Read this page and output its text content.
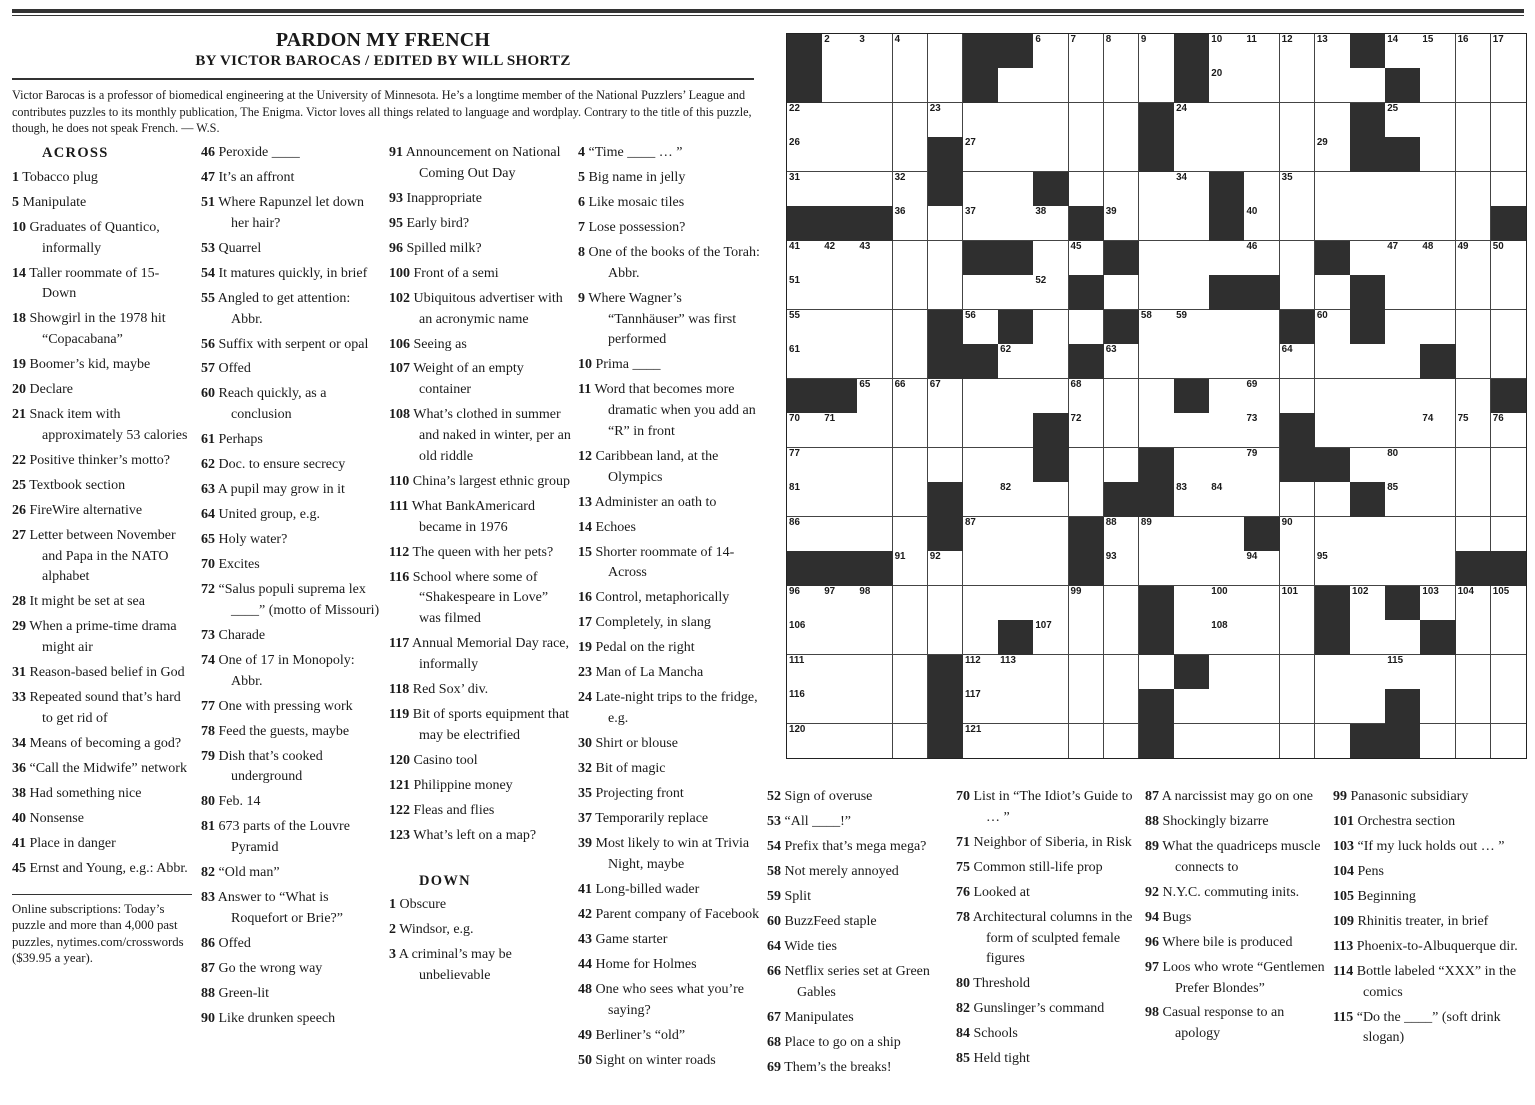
PARDON MY FRENCH
BY VICTOR BAROCAS / EDITED BY WILL SHORTZ
Victor Barocas is a professor of biomedical engineering at the University of Minnesota. He’s a longtime member of the National Puzzlers’ League and contributes puzzles to its monthly publication, The Enigma. Victor loves all things related to language and wordplay. Contrary to the title of this puzzle, though, he does not speak French. — W.S.
ACROSS
1 Tobacco plug
5 Manipulate
10 Graduates of Quantico, informally
14 Taller roommate of 15-Down
18 Showgirl in the 1978 hit “Copacabana”
19 Boomer’s kid, maybe
20 Declare
21 Snack item with approximately 53 calories
22 Positive thinker’s motto?
25 Textbook section
26 FireWire alternative
27 Letter between November and Papa in the NATO alphabet
28 It might be set at sea
29 When a prime-time drama might air
31 Reason-based belief in God
33 Repeated sound that’s hard to get rid of
34 Means of becoming a god?
36 “Call the Midwife” network
38 Had something nice
40 Nonsense
41 Place in danger
45 Ernst and Young, e.g.: Abbr.
Online subscriptions: Today’s puzzle and more than 4,000 past puzzles, nytimes.com/crosswords ($39.95 a year).
46 Peroxide ____
47 It’s an affront
51 Where Rapunzel let down her hair?
53 Quarrel
54 It matures quickly, in brief
55 Angled to get attention: Abbr.
56 Suffix with serpent or opal
57 Offed
60 Reach quickly, as a conclusion
61 Perhaps
62 Doc. to ensure secrecy
63 A pupil may grow in it
64 United group, e.g.
65 Holy water?
70 Excites
72 “Salus populi suprema lex ____” (motto of Missouri)
73 Charade
74 One of 17 in Monopoly: Abbr.
77 One with pressing work
78 Feed the guests, maybe
79 Dish that’s cooked underground
80 Feb. 14
81 673 parts of the Louvre Pyramid
82 “Old man”
83 Answer to “What is Roquefort or Brie?”
86 Offed
87 Go the wrong way
88 Green-lit
90 Like drunken speech
91 Announcement on National Coming Out Day
93 Inappropriate
95 Early bird?
96 Spilled milk?
100 Front of a semi
102 Ubiquitous advertiser with an acronymic name
106 Seeing as
107 Weight of an empty container
108 What’s clothed in summer and naked in winter, per an old riddle
110 China’s largest ethnic group
111 What BankAmericard became in 1976
112 The queen with her pets?
116 School where some of “Shakespeare in Love” was filmed
117 Annual Memorial Day race, informally
118 Red Sox’ div.
119 Bit of sports equipment that may be electrified
120 Casino tool
121 Philippine money
122 Fleas and flies
123 What’s left on a map?
DOWN
1 Obscure
2 Windsor, e.g.
3 A criminal’s may be unbelievable
4 “Time ____ … ”
5 Big name in jelly
6 Like mosaic tiles
7 Lose possession?
8 One of the books of the Torah: Abbr.
9 Where Wagner’s “Tannhäuser” was first performed
10 Prima ____
11 Word that becomes more dramatic when you add an “R” in front
12 Caribbean land, at the Olympics
13 Administer an oath to
14 Echoes
15 Shorter roommate of 14-Across
16 Control, metaphorically
17 Completely, in slang
19 Pedal on the right
23 Man of La Mancha
24 Late-night trips to the fridge, e.g.
30 Shirt or blouse
32 Bit of magic
35 Projecting front
37 Temporarily replace
39 Most likely to win at Trivia Night, maybe
41 Long-billed wader
42 Parent company of Facebook
43 Game starter
44 Home for Holmes
48 One who sees what you’re saying?
49 Berliner’s “old”
50 Sight on winter roads
52 Sign of overuse
53 “All ____!”
54 Prefix that’s mega mega?
58 Not merely annoyed
59 Split
60 BuzzFeed staple
64 Wide ties
66 Netflix series set at Green Gables
67 Manipulates
68 Place to go on a ship
69 Them’s the breaks!
70 List in “The Idiot’s Guide to … ”
71 Neighbor of Siberia, in Risk
75 Common still-life prop
76 Looked at
78 Architectural columns in the form of sculpted female figures
80 Threshold
82 Gunslinger’s command
84 Schools
85 Held tight
87 A narcissist may go on one
88 Shockingly bizarre
89 What the quadriceps muscle connects to
92 N.Y.C. commuting inits.
94 Bugs
96 Where bile is produced
97 Loos who wrote “Gentlemen Prefer Blondes”
98 Casual response to an apology
99 Panasonic subsidiary
101 Orchestra section
103 “If my luck holds out … ”
104 Pens
105 Beginning
109 Rhinitis treater, in brief
113 Phoenix-to-Albuquerque dir.
114 Bottle labeled “XXX” in the comics
115 “Do the ____” (soft drink slogan)
2	3	4	6	7	8	9	10 11	12 13	14 15 16 17
20
22	23	24	25
26	27	29
31	32	34	35
36	37	38	39	40
41 42 43	45	46	47 48 49 50
51	52
55	56	58 59	60
61	62	63	64
65 66 67	68	69
70 71	72	73	74 75 76
77	79	80
81	82	83 84	85
86	87	88 89	90
91 92	93	94	95
96 97 98	99	100	101	102	103 104 105
106	107	108
111	112 113	115
116	117
120	121
